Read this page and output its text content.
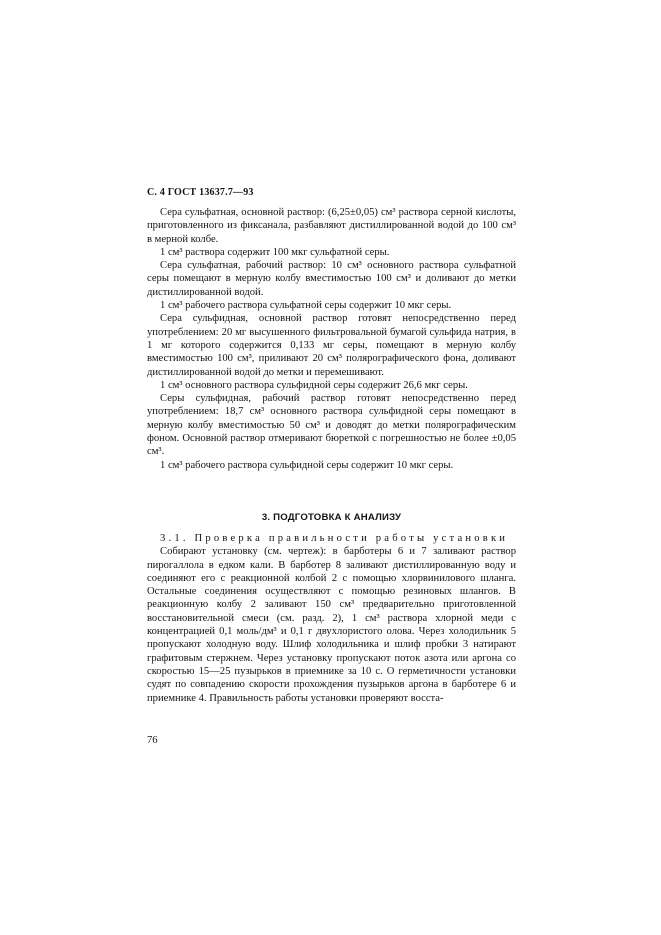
С. 4 ГОСТ 13637.7—93

Сера сульфатная, основной раствор: (6,25±0,05) см³ раствора серной кислоты, приготовленного из фиксанала, разбавляют дистиллированной водой до 100 см³ в мерной колбе.

1 см³ раствора содержит 100 мкг сульфатной серы.

Сера сульфатная, рабочий раствор: 10 см³ основного раствора сульфатной серы помещают в мерную колбу вместимостью 100 см³ и доливают до метки дистиллированной водой.

1 см³ рабочего раствора сульфатной серы содержит 10 мкг серы.

Сера сульфидная, основной раствор готовят непосредственно перед употреблением: 20 мг высушенного фильтровальной бумагой сульфида натрия, в 1 мг которого содержится 0,133 мг серы, помещают в мерную колбу вместимостью 100 см³, приливают 20 см³ полярографического фона, доливают дистиллированной водой до метки и перемешивают.

1 см³ основного раствора сульфидной серы содержит 26,6 мкг серы.

Серы сульфидная, рабочий раствор готовят непосредственно перед употреблением: 18,7 см³ основного раствора сульфидной серы помещают в мерную колбу вместимостью 50 см³ и доводят до метки полярографическим фоном. Основной раствор отмеривают бюреткой с погрешностью не более ±0,05 см³.

1 см³ рабочего раствора сульфидной серы содержит 10 мкг серы.

3. ПОДГОТОВКА К АНАЛИЗУ

3.1. Проверка правильности работы установки

Собирают установку (см. чертеж): в барботеры 6 и 7 заливают раствор пирогаллола в едком кали. В барботер 8 заливают дистиллированную воду и соединяют его с реакционной колбой 2 с помощью хлорвинилового шланга. Остальные соединения осуществляют с помощью резиновых шлангов. В реакционную колбу 2 заливают 150 см³ предварительно приготовленной восстановительной смеси (см. разд. 2), 1 см³ раствора хлорной меди с концентрацией 0,1 моль/дм³ и 0,1 г двухлористого олова. Через холодильник 5 пропускают холодную воду. Шлиф холодильника и шлиф пробки 3 натирают графитовым стержнем. Через установку пропускают поток азота или аргона со скоростью 15—25 пузырьков в приемнике за 10 с. О герметичности установки судят по совпадению скорости прохождения пузырьков аргона в барботере 6 и приемнике 4. Правильность работы установки проверяют восста-

76
